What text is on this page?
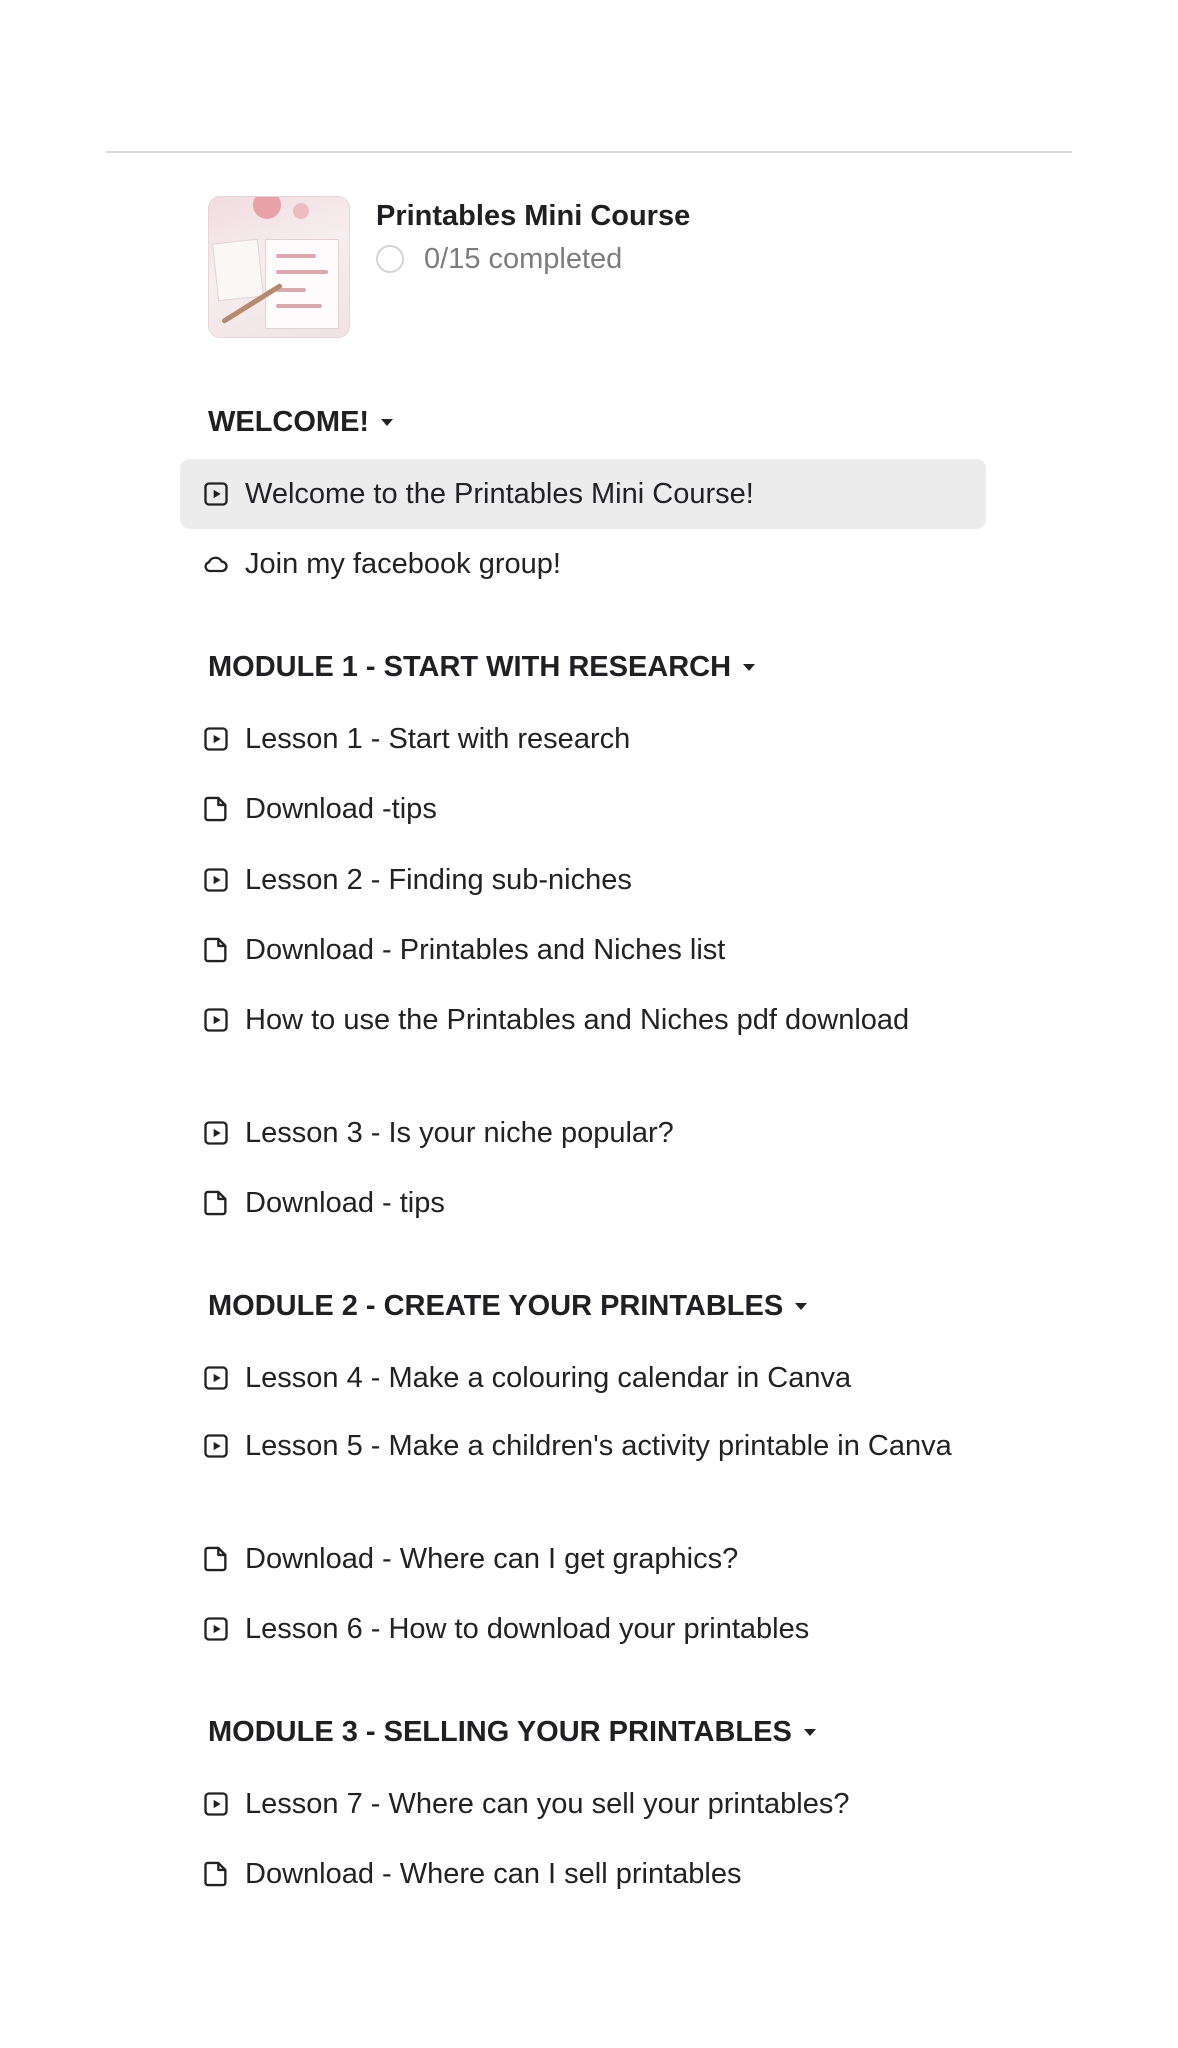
Printables Mini Course
0/15 completed
WELCOME!
Welcome to the Printables Mini Course!
Join my facebook group!
MODULE 1 - START WITH RESEARCH
Lesson 1 - Start with research
Download -tips
Lesson 2 - Finding sub-niches
Download - Printables and Niches list
How to use the Printables and Niches pdf download
Lesson 3 - Is your niche popular?
Download - tips
MODULE 2 - CREATE YOUR PRINTABLES
Lesson 4 - Make a colouring calendar in Canva
Lesson 5 - Make a children's activity printable in Canva
Download - Where can I get graphics?
Lesson 6 - How to download your printables
MODULE 3 - SELLING YOUR PRINTABLES
Lesson 7 - Where can you sell your printables?
Download - Where can I sell printables
